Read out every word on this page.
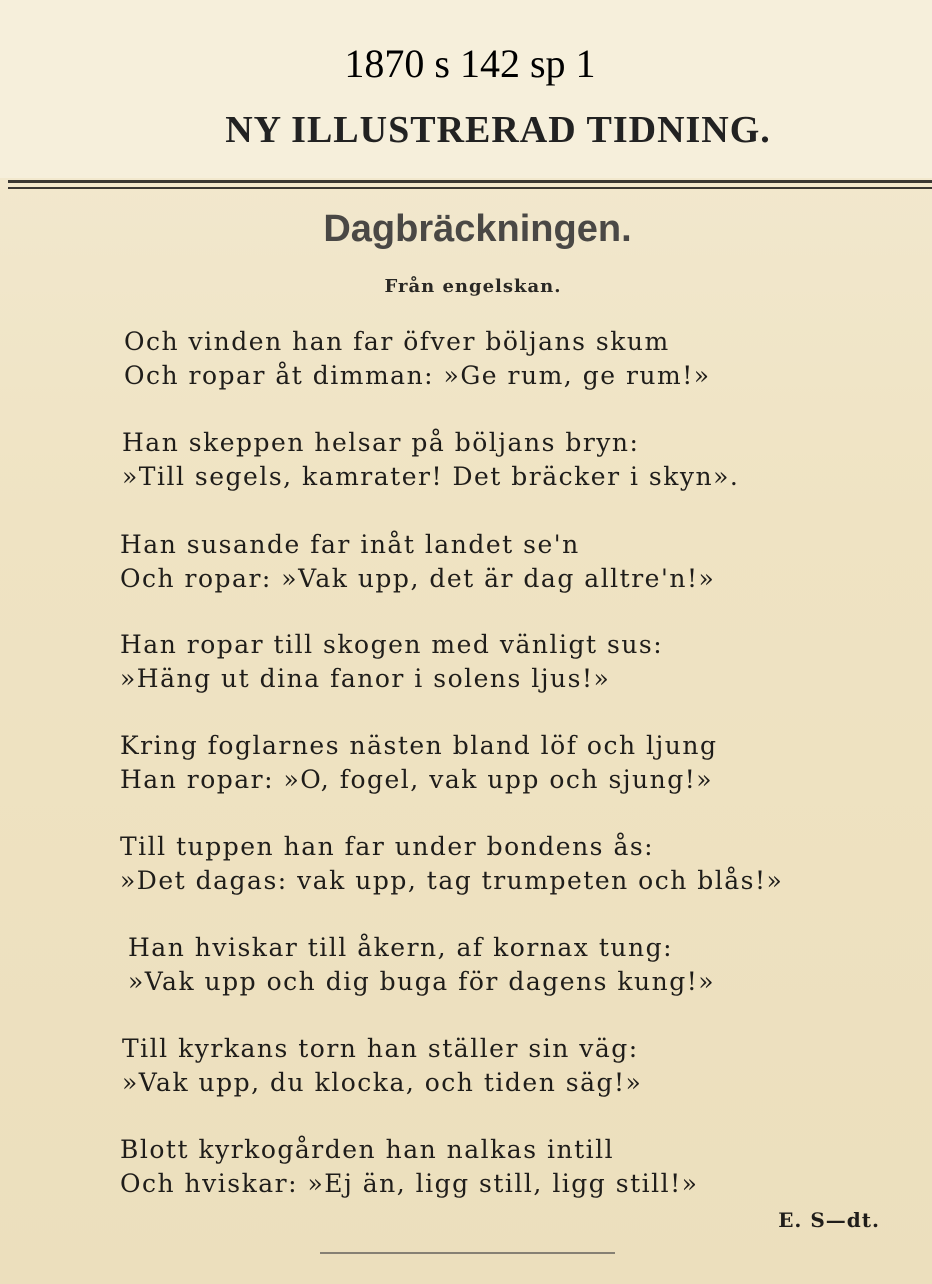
1870 s 142 sp 1
NY ILLUSTRERAD TIDNING.
Dagbräckningen.
Från engelskan.
Och vinden han far öfver böljans skum
Och ropar åt dimman: »Ge rum, ge rum!»
Han skeppen helsar på böljans bryn:
»Till segels, kamrater! Det bräcker i skyn».
Han susande far inåt landet se'n
Och ropar: »Vak upp, det är dag alltre'n!»
Han ropar till skogen med vänligt sus:
»Häng ut dina fanor i solens ljus!»
Kring foglarnes nästen bland löf och ljung
Han ropar: »O, fogel, vak upp och sjung!»
Till tuppen han far under bondens ås:
»Det dagas: vak upp, tag trumpeten och blås!»
Han hviskar till åkern, af kornax tung:
»Vak upp och dig buga för dagens kung!»
Till kyrkans torn han ställer sin väg:
»Vak upp, du klocka, och tiden säg!»
Blott kyrkogården han nalkas intill
Och hviskar: »Ej än, ligg still, ligg still!»
E. S—dt.
